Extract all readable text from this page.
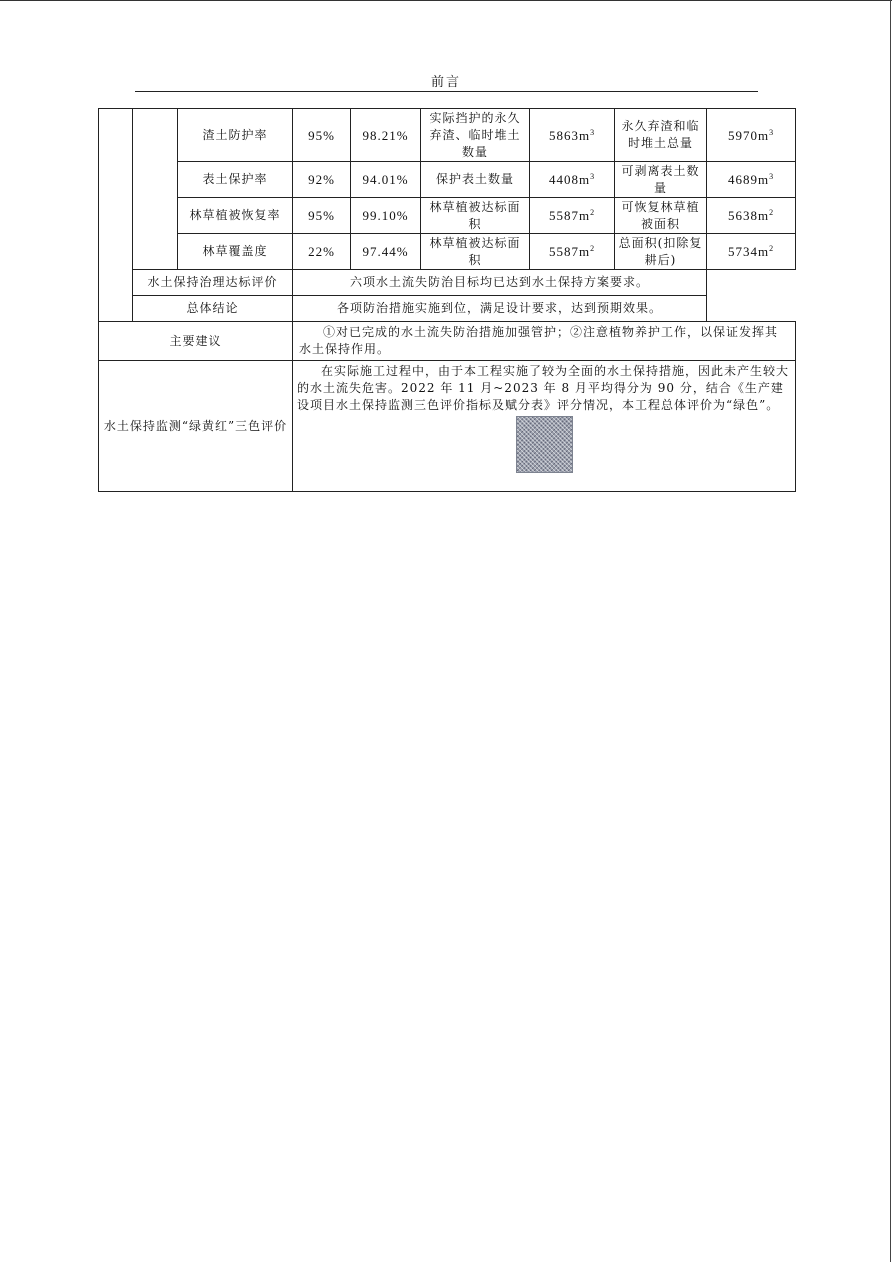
前言
		渣土防护率	95%	98.21%	实际挡护的永久弃渣、临时堆土数量	$5863m^3$	永久弃渣和临时堆土总量	$5970m^3$
		表土保护率	92%	94.01%	保护表土数量	$4408m^3$	可剥离表土数量	$4689m^3$
		林草植被恢复率	95%	99.10%	林草植被达标面积	$5587m^2$	可恢复林草植被面积	$5638m^2$
		林草覆盖度	22%	97.44%	林草植被达标面积	$5587m^2$	总面积(扣除复耕后)	$5734m^2$
	水土保持治理达标评价		六项水土流失防治目标均已达到水土保持方案要求。					
	总体结论		各项防治措施实施到位，满足设计要求，达到预期效果。					
主要建议			①对已完成的水土流失防治措施加强管护；②注意植物养护工作，以保证发挥其水土保持作用。					
水土保持监测“绿黄红”三色评价			在实际施工过程中，由于本工程实施了较为全面的水土保持措施，因此未产生较大的水土流失危害。2022 年 11 月~2023 年 8 月平均得分为 90 分，结合《生产建设项目水土保持监测三色评价指标及赋分表》评分情况，本工程总体评价为“绿色”。					
